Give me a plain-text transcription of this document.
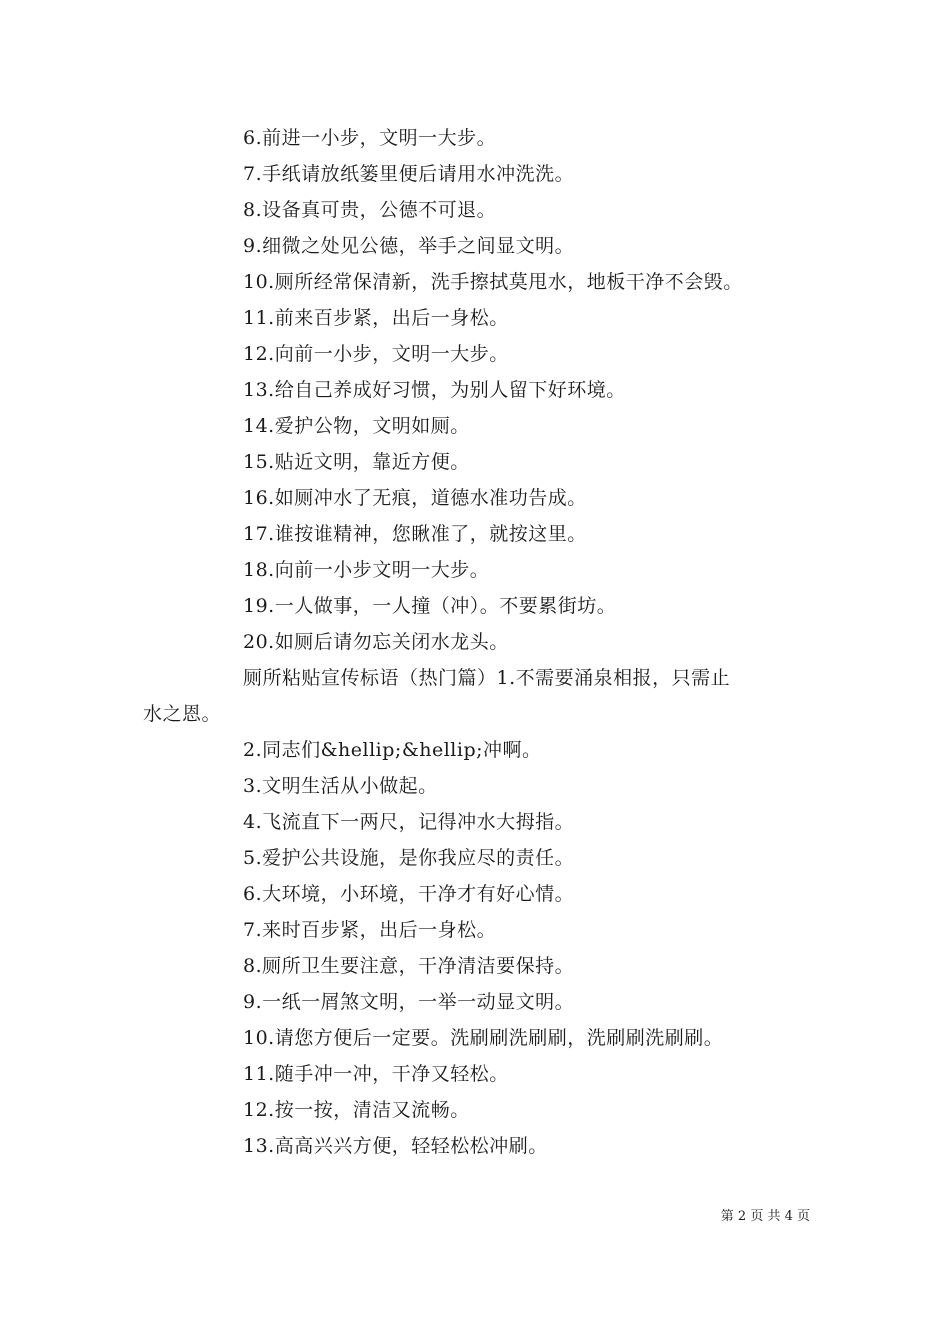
6.前进一小步，文明一大步。
7.手纸请放纸篓里便后请用水冲洗洗。
8.设备真可贵，公德不可退。
9.细微之处见公德，举手之间显文明。
10.厕所经常保清新，洗手擦拭莫甩水，地板干净不会毁。
11.前来百步紧，出后一身松。
12.向前一小步，文明一大步。
13.给自己养成好习惯，为别人留下好环境。
14.爱护公物，文明如厕。
15.贴近文明，靠近方便。
16.如厕冲水了无痕，道德水准功告成。
17.谁按谁精神，您瞅准了，就按这里。
18.向前一小步文明一大步。
19.一人做事，一人撞（冲）。不要累街坊。
20.如厕后请勿忘关闭水龙头。
厕所粘贴宣传标语（热门篇）1.不需要涌泉相报，只需止
水之恩。
2.同志们&hellip;&hellip;冲啊。
3.文明生活从小做起。
4.飞流直下一两尺，记得冲水大拇指。
5.爱护公共设施，是你我应尽的责任。
6.大环境，小环境，干净才有好心情。
7.来时百步紧，出后一身松。
8.厕所卫生要注意，干净清洁要保持。
9.一纸一屑煞文明，一举一动显文明。
10.请您方便后一定要。洗刷刷洗刷刷，洗刷刷洗刷刷。
11.随手冲一冲，干净又轻松。
12.按一按，清洁又流畅。
13.高高兴兴方便，轻轻松松冲刷。
第 2 页 共 4 页
